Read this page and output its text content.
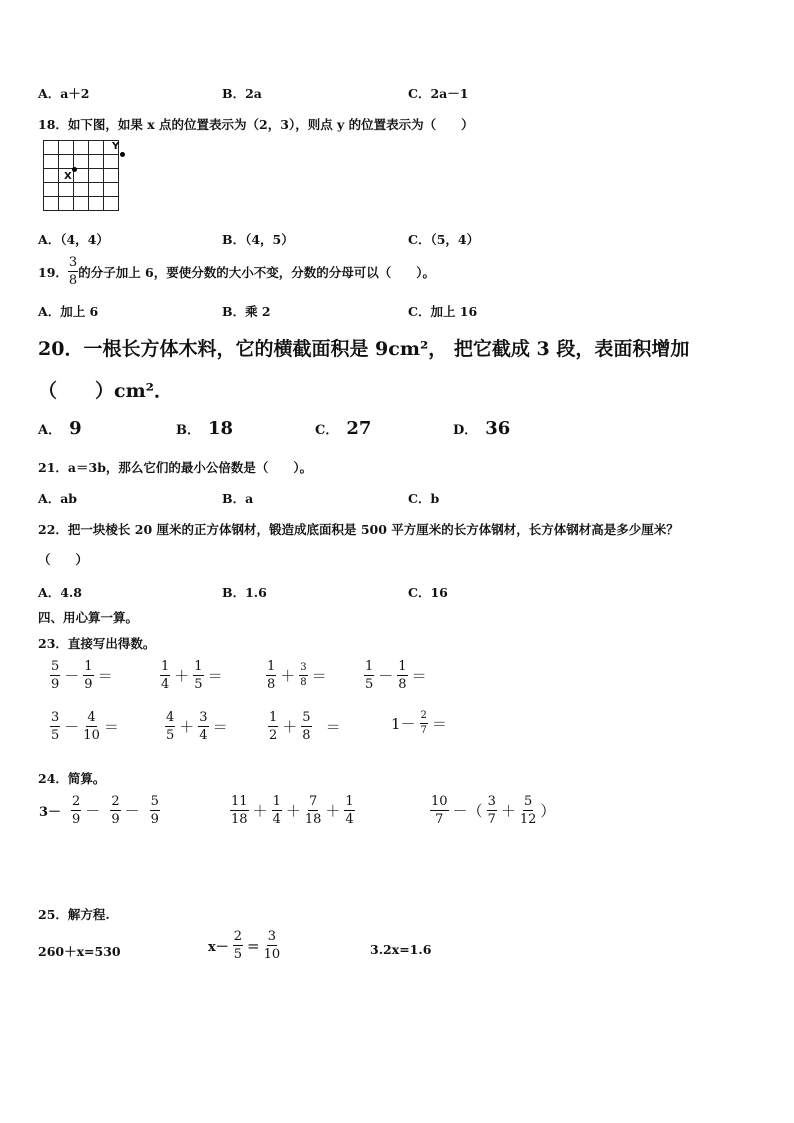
A．a＋2	B．2a	C．2a－1
18．如下图，如果 x 点的位置表示为（2，3），则点 y 的位置表示为（　　）
X
Y
A．（4，4）	B．（4，5）	C．（5，4）
19． $\frac{3}{8}$ 的分子加上 6，要使分数的大小不变，分数的分母可以（　　）。
A．加上 6	B．乘 2	C．加上 16
20．一根长方体木料，它的横截面积是 9cm²， 把它截成 3 段，表面积增加
（　　）cm²．
A． 9	B． 18	C． 27	D． 36
21．a＝3b，那么它们的最小公倍数是（　　）。
A．ab	B．a	C．b
22．把一块棱长 20 厘米的正方体钢材，锻造成底面积是 500 平方厘米的长方体钢材，长方体钢材高是多少厘米？
（　　）
A．4.8	B．1.6	C．16
四、用心算一算。
23．直接写出得数。
$\frac{5}{9} - \frac{1}{9}$ ＝	$\frac{1}{4} + \frac{1}{5}$ ＝	$\frac{1}{8} + \frac{3}{8}$ ＝	$\frac{1}{5} - \frac{1}{8}$ ＝
$\frac{3}{5} - \frac{4}{10}$ ＝	$\frac{4}{5} + \frac{3}{4}$ ＝	$\frac{1}{2} + \frac{5}{8}$ ＝	$1- \frac{2}{7}$ ＝
24．简算。
$3- \frac{2}{9} - \frac{2}{9} - \frac{5}{9}$	$\frac{11}{18} + \frac{1}{4} + \frac{7}{18} + \frac{1}{4}$	$\frac{10}{7}$ －（ $\frac{3}{7} + \frac{5}{12}$ ）
25．解方程.
260＋x=530	$x- \frac{2}{5} = \frac{3}{10}$	3.2x=1.6
